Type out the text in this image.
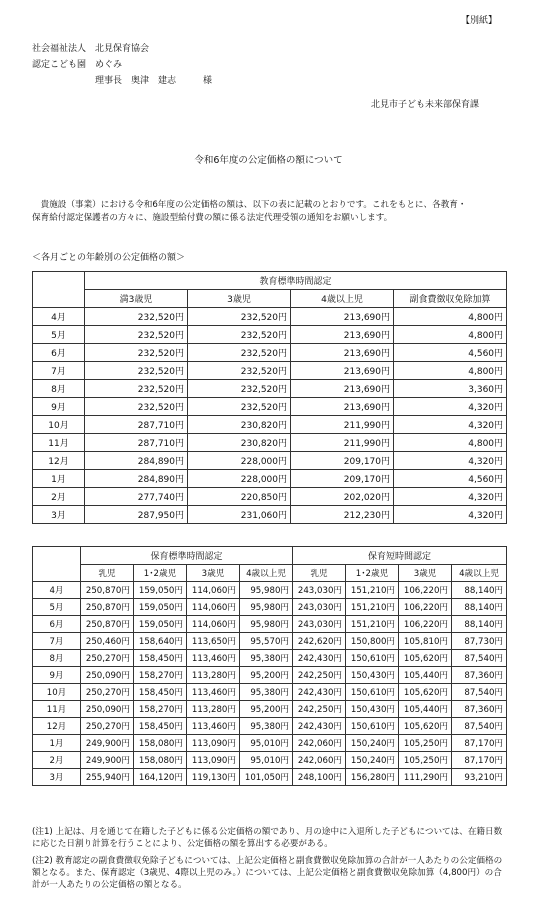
【別紙】
社会福祉法人　北見保育協会
認定こども園　めぐみ
理事長　奥津　建志　　　様
北見市子ども未来部保育課
令和6年度の公定価格の額について
　貴施設（事業）における令和6年度の公定価格の額は、以下の表に記載のとおりです。これをもとに、各教育・
保育給付認定保護者の方々に、施設型給付費の額に係る法定代理受領の通知をお願いします。
＜各月ごとの年齢別の公定価格の額＞
	教育標準時間認定			
	満3歳児	3歳児	4歳以上児	副食費徴収免除加算
4月	232,520円	232,520円	213,690円	4,800円
5月	232,520円	232,520円	213,690円	4,800円
6月	232,520円	232,520円	213,690円	4,560円
7月	232,520円	232,520円	213,690円	4,800円
8月	232,520円	232,520円	213,690円	3,360円
9月	232,520円	232,520円	213,690円	4,320円
10月	287,710円	230,820円	211,990円	4,320円
11月	287,710円	230,820円	211,990円	4,800円
12月	284,890円	228,000円	209,170円	4,320円
1月	284,890円	228,000円	209,170円	4,560円
2月	277,740円	220,850円	202,020円	4,320円
3月	287,950円	231,060円	212,230円	4,320円
	保育標準時間認定				保育短時間認定			
	乳児	1･2歳児	3歳児	4歳以上児	乳児	1･2歳児	3歳児	4歳以上児
4月	250,870円	159,050円	114,060円	95,980円	243,030円	151,210円	106,220円	88,140円
5月	250,870円	159,050円	114,060円	95,980円	243,030円	151,210円	106,220円	88,140円
6月	250,870円	159,050円	114,060円	95,980円	243,030円	151,210円	106,220円	88,140円
7月	250,460円	158,640円	113,650円	95,570円	242,620円	150,800円	105,810円	87,730円
8月	250,270円	158,450円	113,460円	95,380円	242,430円	150,610円	105,620円	87,540円
9月	250,090円	158,270円	113,280円	95,200円	242,250円	150,430円	105,440円	87,360円
10月	250,270円	158,450円	113,460円	95,380円	242,430円	150,610円	105,620円	87,540円
11月	250,090円	158,270円	113,280円	95,200円	242,250円	150,430円	105,440円	87,360円
12月	250,270円	158,450円	113,460円	95,380円	242,430円	150,610円	105,620円	87,540円
1月	249,900円	158,080円	113,090円	95,010円	242,060円	150,240円	105,250円	87,170円
2月	249,900円	158,080円	113,090円	95,010円	242,060円	150,240円	105,250円	87,170円
3月	255,940円	164,120円	119,130円	101,050円	248,100円	156,280円	111,290円	93,210円
(注1) 上記は、月を通じて在籍した子どもに係る公定価格の額であり、月の途中に入退所した子どもについては、在籍日数に応じた日割り計算を行うことにより、公定価格の額を算出する必要がある。
(注2) 教育認定の副食費徴収免除子どもについては、上記公定価格と副食費徴収免除加算の合計が一人あたりの公定価格の額となる。また、保育認定（3歳児、4際以上児のみ。）については、上記公定価格と副食費徴収免除加算（4,800円）の合計が一人あたりの公定価格の額となる。
